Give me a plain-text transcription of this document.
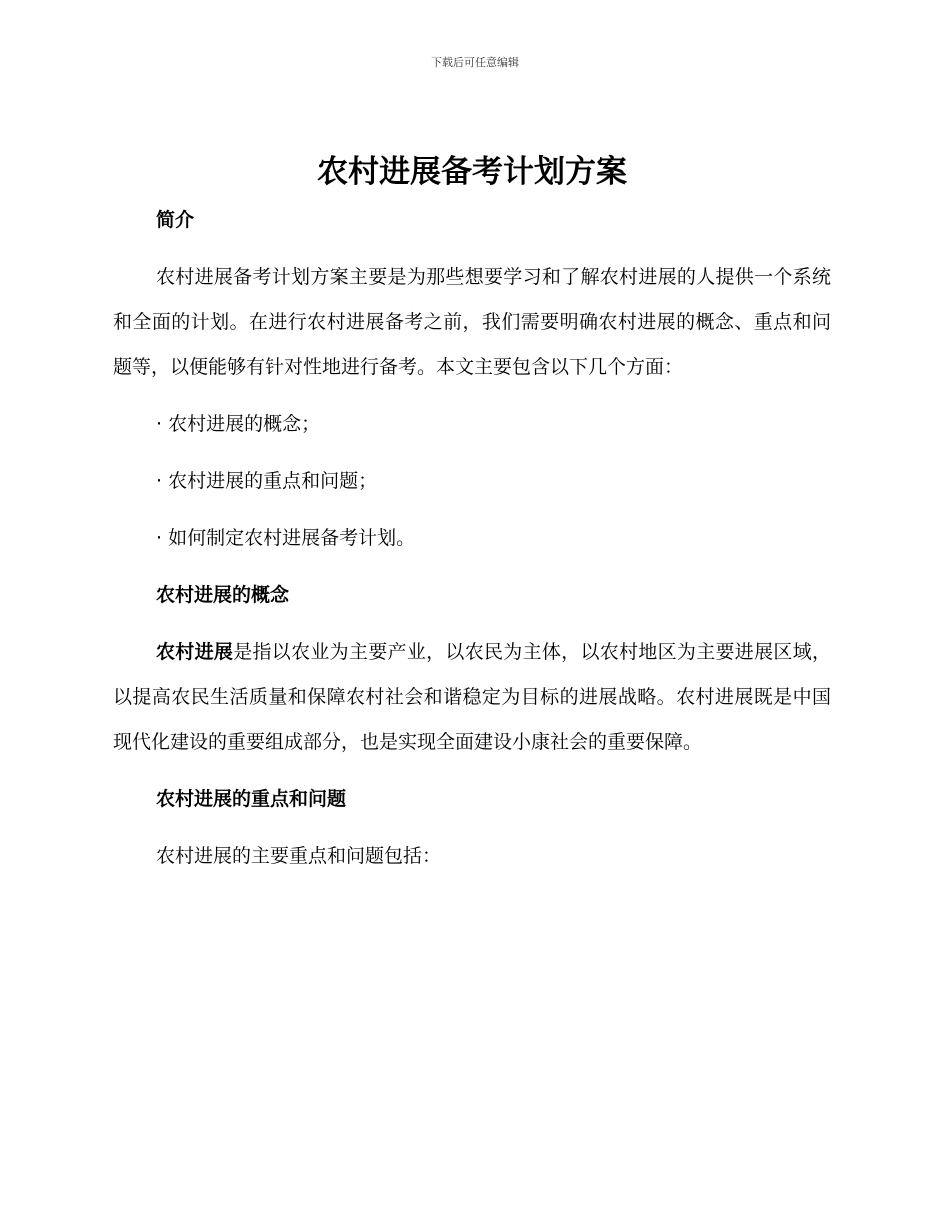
下载后可任意编辑
农村进展备考计划方案
简介

农村进展备考计划方案主要是为那些想要学习和了解农村进展的人提供一个系统和全面的计划。在进行农村进展备考之前，我们需要明确农村进展的概念、重点和问题等，以便能够有针对性地进行备考。本文主要包含以下几个方面：

· 农村进展的概念；

· 农村进展的重点和问题；

· 如何制定农村进展备考计划。

农村进展的概念

农村进展是指以农业为主要产业，以农民为主体，以农村地区为主要进展区域，以提高农民生活质量和保障农村社会和谐稳定为目标的进展战略。农村进展既是中国现代化建设的重要组成部分，也是实现全面建设小康社会的重要保障。

农村进展的重点和问题

农村进展的主要重点和问题包括：
